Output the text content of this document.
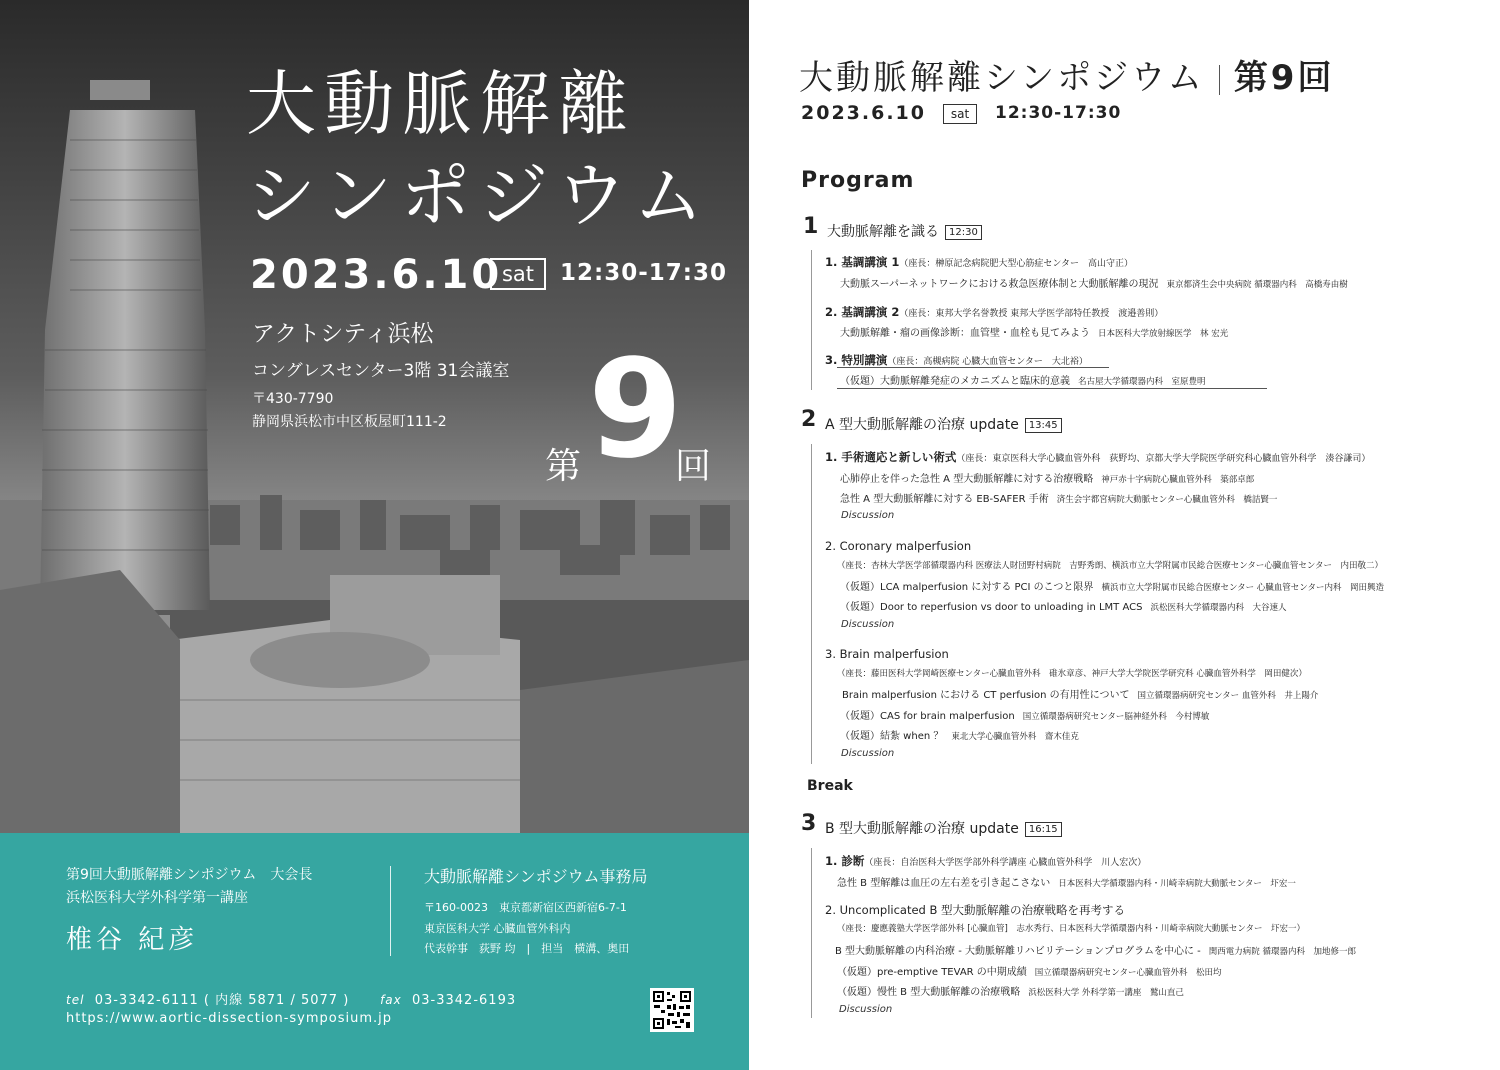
大動脈解離
シンポジウム
2023.6.10 sat	12:30-17:30
アクトシティ浜松
コングレスセンター3階 31会議室
〒430-7790
静岡県浜松市中区板屋町111-2
第 9
回
第9回大動脈解離シンポジウム　大会長
浜松医科大学外科学第一講座
椎谷 紀彦
大動脈解離シンポジウム事務局
〒160-0023　東京都新宿区西新宿6-7-1
東京医科大学 心臓血管外科内
代表幹事　荻野 均　|　担当　横溝、奥田
tel 03-3342-6111 ( 内線 5871 / 5077 )	fax 03-3342-6193
https://www.aortic-dissection-symposium.jp
大動脈解離シンポジウム 第9回
2023.6.10	sat	12:30-17:30
Program
1 大動脈解離を識る 12:30
1. 基調講演 1（座長：榊原記念病院肥大型心筋症センター　高山守正）
大動脈スーパーネットワークにおける救急医療体制と大動脈解離の現況 東京都済生会中央病院 循環器内科　高橋寿由樹
2. 基調講演 2（座長：東邦大学名誉教授 東邦大学医学部特任教授　渡邉善則）
大動脈解離・瘤の画像診断：血管壁・血栓も見てみよう 日本医科大学放射線医学　林 宏光
3. 特別講演（座長：高槻病院 心臓大血管センター　大北裕）
（仮題）大動脈解離発症のメカニズムと臨床的意義 名古屋大学循環器内科　室原豊明
2 A 型大動脈解離の治療 update 13:45
1. 手術適応と新しい術式（座長：東京医科大学心臓血管外科　荻野均、京都大学大学院医学研究科心臓血管外科学　湊谷謙司）
心肺停止を伴った急性 A 型大動脈解離に対する治療戦略 神戸赤十字病院心臓血管外科　築部卓郎
急性 A 型大動脈解離に対する EB-SAFER 手術 済生会宇都宮病院大動脈センター心臓血管外科　橋詰賢一
Discussion
2. Coronary malperfusion
（座長：杏林大学医学部循環器内科 医療法人財団野村病院　吉野秀朗、横浜市立大学附属市民総合医療センター心臓血管センター　内田敬二）
（仮題）LCA malperfusion に対する PCI のこつと限界 横浜市立大学附属市民総合医療センター 心臓血管センター内科　岡田興造
（仮題）Door to reperfusion vs door to unloading in LMT ACS 浜松医科大学循環器内科　大谷速人
Discussion
3. Brain malperfusion
（座長：藤田医科大学岡崎医療センター心臓血管外科　碓氷章彦、神戸大学大学院医学研究科 心臓血管外科学　岡田健次）
Brain malperfusion における CT perfusion の有用性について 国立循環器病研究センター 血管外科　井上陽介
（仮題）CAS for brain malperfusion 国立循環器病研究センター脳神経外科　今村博敏
（仮題）結紮 when ？ 東北大学心臓血管外科　齋木佳克
Discussion
Break
3 B 型大動脈解離の治療 update 16:15
1. 診断（座長：自治医科大学医学部外科学講座 心臓血管外科学　川人宏次）
急性 B 型解離は血圧の左右差を引き起こさない 日本医科大学循環器内科・川崎幸病院大動脈センター　圷宏一
2. Uncomplicated B 型大動脈解離の治療戦略を再考する
（座長：慶應義塾大学医学部外科 [心臓血管]　志水秀行、日本医科大学循環器内科・川崎幸病院大動脈センター　圷宏一）
B 型大動脈解離の内科治療 - 大動脈解離リハビリテーションプログラムを中心に - 関西電力病院 循環器内科　加地修一郎
（仮題）pre-emptive TEVAR の中期成績 国立循環器病研究センター心臓血管外科　松田均
（仮題）慢性 B 型大動脈解離の治療戦略 浜松医科大学 外科学第一講座　鷲山直己
Discussion
